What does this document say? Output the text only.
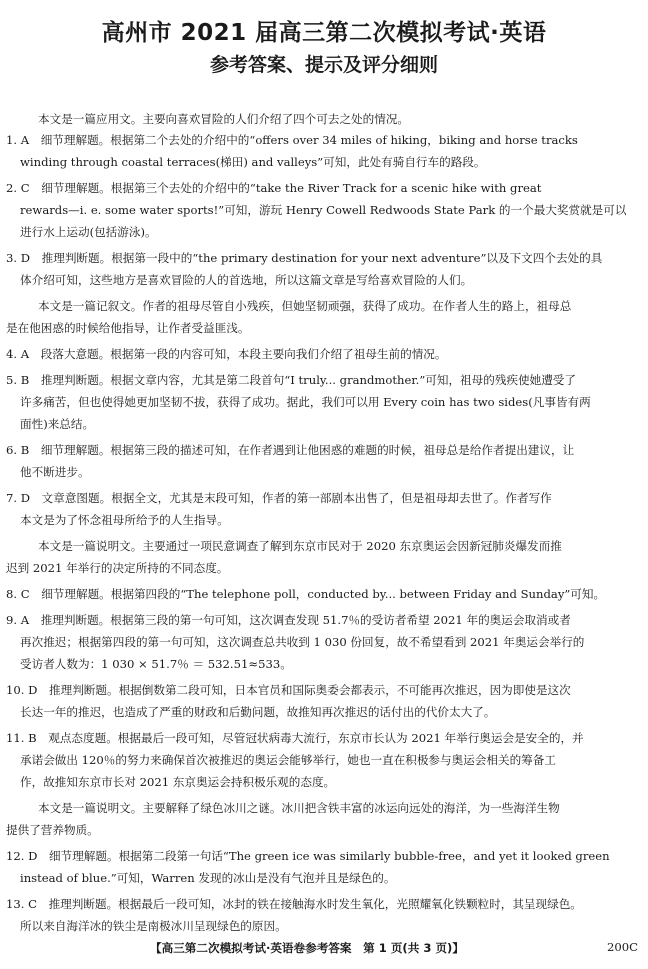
高州市 2021 届高三第二次模拟考试·英语
参考答案、提示及评分细则
本文是一篇应用文。主要向喜欢冒险的人们介绍了四个可去之处的情况。
1. A　细节理解题。根据第二个去处的介绍中的“offers over 34 miles of hiking，biking and horse tracks
winding through coastal terraces(梯田) and valleys”可知，此处有骑自行车的路段。
2. C　细节理解题。根据第三个去处的介绍中的“take the River Track for a scenic hike with great
rewards—i. e. some water sports!”可知，游玩 Henry Cowell Redwoods State Park 的一个最大奖赏就是可以
进行水上运动(包括游泳)。
3. D　推理判断题。根据第一段中的“the primary destination for your next adventure”以及下文四个去处的具
体介绍可知，这些地方是喜欢冒险的人的首选地，所以这篇文章是写给喜欢冒险的人们。
本文是一篇记叙文。作者的祖母尽管自小残疾，但她坚韧顽强，获得了成功。在作者人生的路上，祖母总
是在他困惑的时候给他指导，让作者受益匪浅。
4. A　段落大意题。根据第一段的内容可知，本段主要向我们介绍了祖母生前的情况。
5. B　推理判断题。根据文章内容，尤其是第二段首句“I truly... grandmother.”可知，祖母的残疾使她遭受了
许多痛苦，但也使得她更加坚韧不拔，获得了成功。据此，我们可以用 Every coin has two sides(凡事皆有两
面性)来总结。
6. B　细节理解题。根据第三段的描述可知，在作者遇到让他困惑的难题的时候，祖母总是给作者提出建议，让
他不断进步。
7. D　文章意图题。根据全文，尤其是末段可知，作者的第一部剧本出售了，但是祖母却去世了。作者写作
本文是为了怀念祖母所给予的人生指导。
本文是一篇说明文。主要通过一项民意调查了解到东京市民对于 2020 东京奥运会因新冠肺炎爆发而推
迟到 2021 年举行的决定所持的不同态度。
8. C　细节理解题。根据第四段的“The telephone poll，conducted by... between Friday and Sunday”可知。
9. A　推理判断题。根据第三段的第一句可知，这次调查发现 51.7％的受访者希望 2021 年的奥运会取消或者
再次推迟；根据第四段的第一句可知，这次调查总共收到 1 030 份回复，故不希望看到 2021 年奥运会举行的
受访者人数为：1 030 × 51.7％ ＝ 532.51≈533。
10. D　推理判断题。根据倒数第二段可知，日本官员和国际奥委会都表示，不可能再次推迟，因为即使是这次
长达一年的推迟，也造成了严重的财政和后勤问题，故推知再次推迟的话付出的代价太大了。
11. B　观点态度题。根据最后一段可知，尽管冠状病毒大流行，东京市长认为 2021 年举行奥运会是安全的，并
承诺会做出 120％的努力来确保首次被推迟的奥运会能够举行，她也一直在积极参与奥运会相关的筹备工
作，故推知东京市长对 2021 东京奥运会持积极乐观的态度。
本文是一篇说明文。主要解释了绿色冰川之谜。冰川把含铁丰富的冰运向远处的海洋，为一些海洋生物
提供了营养物质。
12. D　细节理解题。根据第二段第一句话“The green ice was similarly bubble-free，and yet it looked green
instead of blue.”可知，Warren 发现的冰山是没有气泡并且是绿色的。
13. C　推理判断题。根据最后一段可知，冰封的铁在接触海水时发生氧化，光照耀氧化铁颗粒时，其呈现绿色。
所以来自海洋冰的铁尘是南极冰川呈现绿色的原因。
【高三第二次模拟考试·英语卷参考答案　第 1 页(共 3 页)】	200C
